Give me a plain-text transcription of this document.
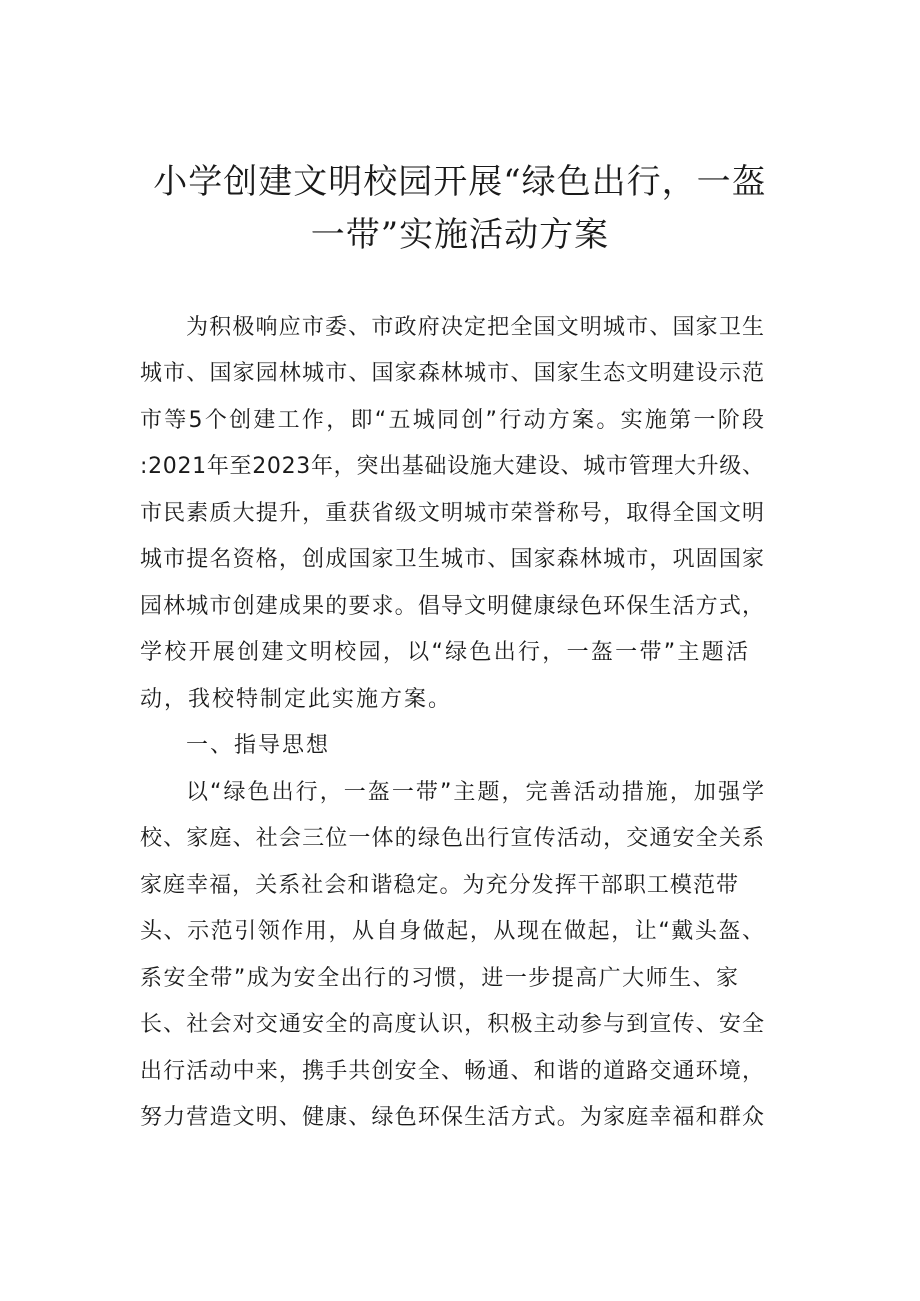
小学创建文明校园开展“绿色出行，一盔
一带”实施活动方案
为积极响应市委、市政府决定把全国文明城市、国家卫生
城市、国家园林城市、国家森林城市、国家生态文明建设示范
市等5个创建工作，即“五城同创”行动方案。实施第一阶段
:2021年至2023年，突出基础设施大建设、城市管理大升级、
市民素质大提升，重获省级文明城市荣誉称号，取得全国文明
城市提名资格，创成国家卫生城市、国家森林城市，巩固国家
园林城市创建成果的要求。倡导文明健康绿色环保生活方式，
学校开展创建文明校园，以“绿色出行，一盔一带”主题活
动，我校特制定此实施方案。
一、指导思想
以“绿色出行，一盔一带”主题，完善活动措施，加强学
校、家庭、社会三位一体的绿色出行宣传活动，交通安全关系
家庭幸福，关系社会和谐稳定。为充分发挥干部职工模范带
头、示范引领作用，从自身做起，从现在做起，让“戴头盔、
系安全带”成为安全出行的习惯，进一步提高广大师生、家
长、社会对交通安全的高度认识，积极主动参与到宣传、安全
出行活动中来，携手共创安全、畅通、和谐的道路交通环境，
努力营造文明、健康、绿色环保生活方式。为家庭幸福和群众
